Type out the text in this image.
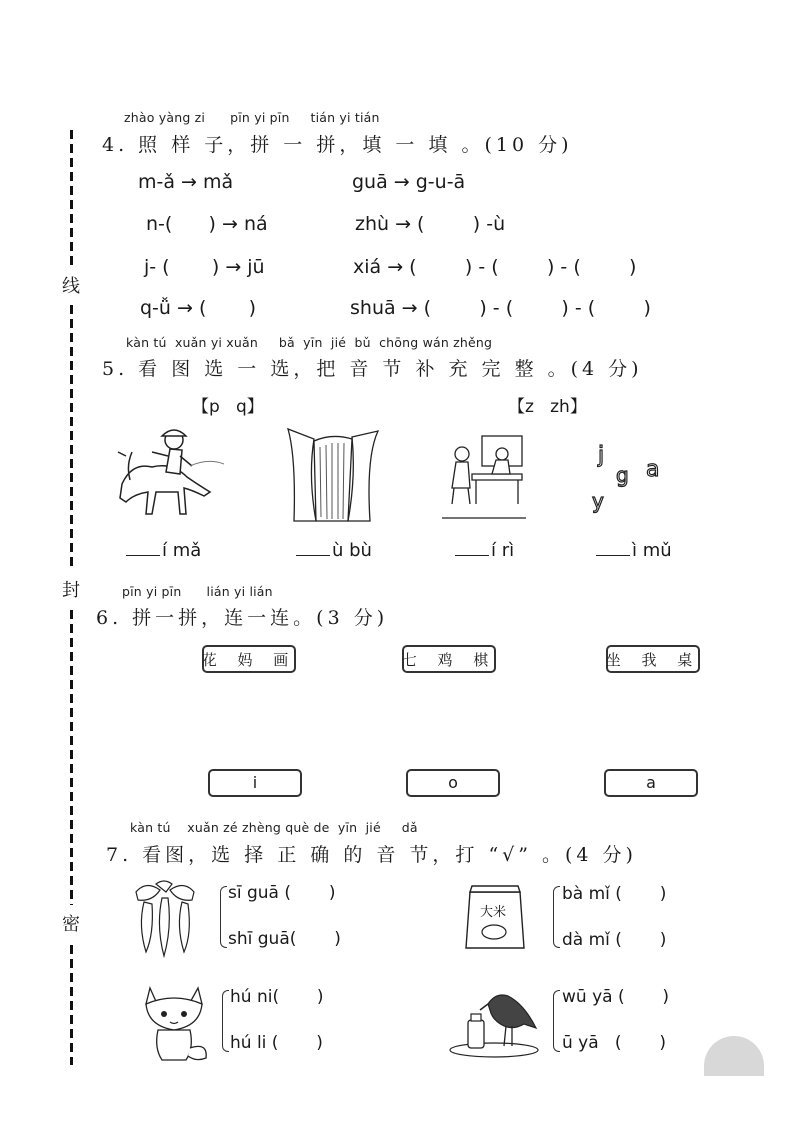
线
封
密
zhào yàng zi      pīn yi pīn     tián yi tián
4. 照 样 子，拼 一 拼，填 一 填 。(10 分)
m-ǎ → mǎ	guā → g-u-ā
n-(      ) → ná	zhù → (        ) -ù
j- (       ) → jū	xiá → (        ) - (        ) - (        )
q-ǚ → (       )	shuā → (        ) - (        ) - (        )
kàn tú  xuǎn yi xuǎn     bǎ  yīn  jié  bǔ  chōng wán zhěng
5. 看 图 选 一 选，把 音 节 补 充 完 整 。(4 分)
【p   q】	【z   zh】
j
g
y
a
í mǎ	ù bù	í rì	ì mǔ
pīn yi pīn      lián yi lián
6. 拼一拼，连一连。(3 分)
花 妈 画	七 鸡 棋	坐 我 桌
i	o	a
kàn tú    xuǎn zé zhèng què de  yīn  jié     dǎ
7. 看图，选 择 正 确 的 音 节，打 “√” 。(4 分)
sī guā (       )
shī guā(       )
大米
bà mǐ (       )
dà mǐ (       )
hú ni(       )
hú li (       )
wū yā (       )
ū yā   (       )
